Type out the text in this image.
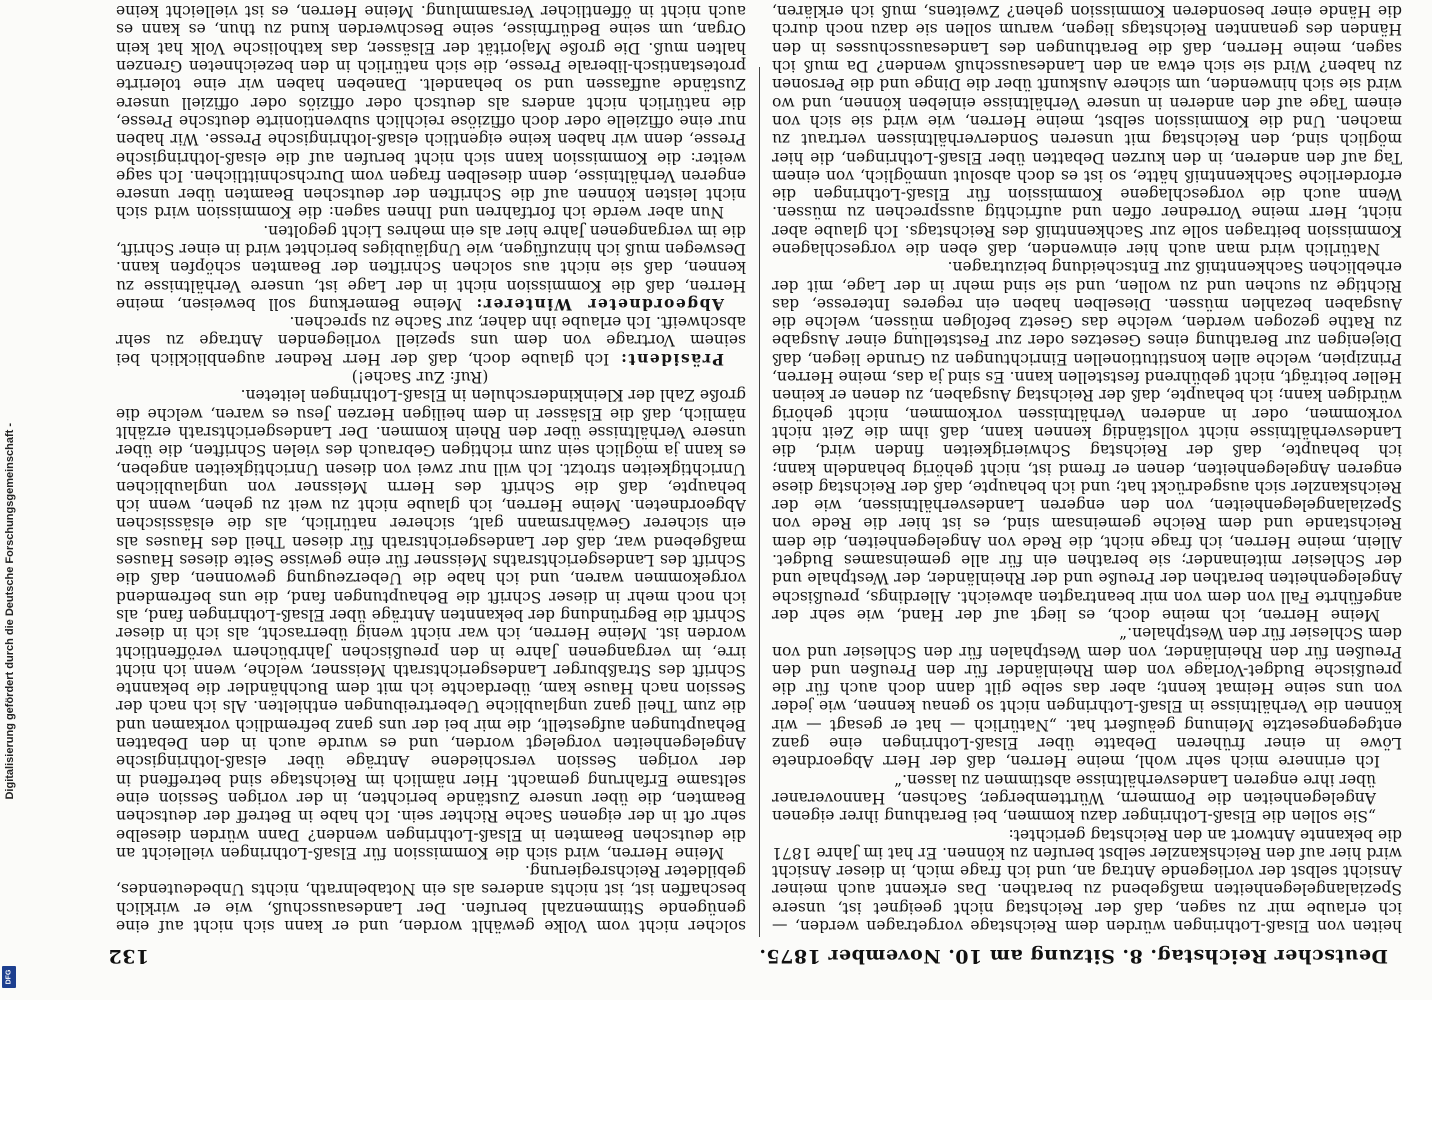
Digitalisierung gefördert durch die Deutsche Forschungsgemeinschaft -
DFG
Deutscher Reichstag. 8. Sitzung am 10. November 1875.
132

heiten von Elsaß-Lothringen würden dem Reichstage vorgetragen werden, — ich erlaube mir zu sagen, daß der Reichstag nicht geeignet ist, unsere Spezialangelegenheiten maßgebend zu berathen. Das erkennt auch meiner Ansicht selbst der vorliegende Antrag an, und ich frage mich, in dieser Ansicht wird hier auf den Reichskanzler selbst berufen zu können. Er hat im Jahre 1871 die bekannte Antwort an den Reichstag gerichtet:

„Sie sollen die Elsaß-Lothringer dazu kommen, bei Berathung ihrer eigenen Angelegenheiten die Pommern, Württemberger, Sachsen, Hannoveraner über ihre engeren Landesverhältnisse abstimmen zu lassen.“

Ich erinnere mich sehr wohl, meine Herren, daß der Herr Abgeordnete Löwe in einer früheren Debatte über Elsaß-Lothringen eine ganz entgegengesetzte Meinung geäußert hat. „Natürlich — hat er gesagt — wir können die Verhältnisse in Elsaß-Lothringen nicht so genau kennen, wie jeder von uns seine Heimat kennt; aber das selbe gilt dann doch auch für die preußische Budget-Vorlage von dem Rheinländer für den Preußen und den Preußen für den Rheinländer, von dem Westphalen für den Schlesier und von dem Schlesier für den Westphalen.“

Meine Herren, ich meine doch, es liegt auf der Hand, wie sehr der angeführte Fall von dem von mir beantragten abweicht. Allerdings, preußische Angelegenheiten berathen der Preuße und der Rheinländer, der Westphale und der Schlesier miteinander; sie berathen ein für alle gemeinsames Budget. Allein, meine Herren, ich frage nicht, die Rede von Angelegenheiten, die dem Reichstande und dem Reiche gemeinsam sind, es ist hier die Rede von Spezialangelegenheiten, von den engeren Landesverhältnissen, wie der Reichskanzler sich ausgedrückt hat; und ich behaupte, daß der Reichstag diese engeren Angelegenheiten, denen er fremd ist, nicht gehörig behandeln kann; ich behaupte, daß der Reichstag Schwierigkeiten finden wird, die Landesverhältnisse nicht vollständig kennen kann, daß ihm die Zeit nicht vorkommen, oder in anderen Verhältnissen vorkommen, nicht gehörig würdigen kann; ich behaupte, daß der Reichstag Ausgaben, zu denen er keinen Heller beiträgt, nicht gebührend feststellen kann. Es sind ja das, meine Herren, Prinzipien, welche allen konstitutionellen Einrichtungen zu Grunde liegen, daß Diejenigen zur Berathung eines Gesetzes oder zur Feststellung einer Ausgabe zu Rathe gezogen werden, welche das Gesetz befolgen müssen, welche die Ausgaben bezahlen müssen. Dieselben haben ein regeres Interesse, das Richtige zu suchen und zu wollen, und sie sind mehr in der Lage, mit der erheblichen Sachkenntniß zur Entscheidung beizutragen.

Natürlich wird man auch hier einwenden, daß eben die vorgeschlagene Kommission beitragen solle zur Sachkenntniß des Reichstags. Ich glaube aber nicht, Herr meine Vorredner offen und aufrichtig aussprechen zu müssen. Wenn auch die vorgeschlagene Kommission für Elsaß-Lothringen die erforderliche Sachkenntniß hätte, so ist es doch absolut unmöglich, von einem Tag auf den anderen, in den kurzen Debatten über Elsaß-Lothringen, die hier möglich sind, den Reichstag mit unseren Sonderverhältnissen vertraut zu machen. Und die Kommission selbst, meine Herren, wie wird sie sich von einem Tage auf den anderen in unsere Verhältnisse einleben können, und wo wird sie sich hinwenden, um sichere Auskunft über die Dinge und die Personen zu haben? Wird sie sich etwa an den Landesausschuß wenden? Da muß ich sagen, meine Herren, daß die Berathungen des Landesausschusses in den Händen des genannten Reichstags liegen, warum sollen sie dazu noch durch die Hände einer besonderen Kommission gehen? Zweitens, muß ich erklären,

solcher nicht vom Volke gewählt worden, und er kann sich nicht auf eine genügende Stimmenzahl berufen. Der Landesausschuß, wie er wirklich beschaffen ist, ist nichts anderes als ein Notabelnrath, nichts Unbedeutendes, gebildeter Reichsregierung.

Meine Herren, wird sich die Kommission für Elsaß-Lothringen vielleicht an die deutschen Beamten in Elsaß-Lothringen wenden? Dann würden dieselbe sehr oft in der eigenen Sache Richter sein. Ich habe in Betreff der deutschen Beamten, die über unsere Zustände berichten, in der vorigen Session eine seltsame Erfahrung gemacht. Hier nämlich im Reichstage sind betreffend in der vorigen Session verschiedene Anträge über elsaß-lothringische Angelegenheiten vorgelegt worden, und es wurde auch in den Debatten Behauptungen aufgestellt, die mir bei der uns ganz befremdlich vorkamen und die zum Theil ganz unglaubliche Uebertreibungen enthielten. Als ich nach der Session nach Hause kam, überdachte ich mit dem Buchhändler die bekannte Schrift des Straßburger Landesgerichtsrath Meissner, welche, wenn ich nicht irre, im vergangenen Jahre in den preußischen Jahrbüchern veröffentlicht worden ist. Meine Herren, ich war nicht wenig überrascht, als ich in dieser Schrift die Begründung der bekannten Anträge über Elsaß-Lothringen fand, als ich noch mehr in dieser Schrift die Behauptungen fand, die uns befremdend vorgekommen waren, und ich habe die Ueberzeugung gewonnen, daß die Schrift des Landesgerichtsraths Meissner für eine gewisse Seite dieses Hauses maßgebend war, daß der Landesgerichtsrath für diesen Theil des Hauses als ein sicherer Gewährsmann galt, sicherer natürlich, als die elsässischen Abgeordneten. Meine Herren, ich glaube nicht zu weit zu gehen, wenn ich behaupte, daß die Schrift des Herrn Meissner von unglaublichen Unrichtigkeiten strotzt. Ich will nur zwei von diesen Unrichtigkeiten angeben, es kann ja möglich sein zum richtigen Gebrauch des vielen Schriften, die über unsere Verhältnisse über den Rhein kommen. Der Landesgerichtsrath erzählt nämlich, daß die Elsässer in dem heiligen Herzen Jesu es waren, welche die große Zahl der Kleinkinderschulen in Elsaß-Lothringen leiteten.

(Ruf: Zur Sache!)

Präsident: Ich glaube doch, daß der Herr Redner augenblicklich bei seinem Vortrage von dem uns speziell vorliegenden Antrage zu sehr abschweift. Ich erlaube ihn daher, zur Sache zu sprechen.

Abgeordneter Winterer: Meine Bemerkung soll beweisen, meine Herren, daß die Kommission nicht in der Lage ist, unsere Verhältnisse zu kennen, daß sie nicht aus solchen Schriften der Beamten schöpfen kann. Deswegen muß ich hinzufügen, wie Ungläubiges berichtet wird in einer Schrift, die im vergangenen Jahre hier als ein mehres Licht gegolten.

Nun aber werde ich fortfahren und Ihnen sagen: die Kommission wird sich nicht leisten können auf die Schriften der deutschen Beamten über unsere engeren Verhältnisse, denn dieselben fragen vom Durchschnittlichen. Ich sage weiter: die Kommission kann sich nicht berufen auf die elsaß-lothringische Presse, denn wir haben keine eigentlich elsaß-lothringische Presse. Wir haben nur eine offizielle oder doch offiziöse reichlich subventionirte deutsche Presse, die natürlich nicht anders als deutsch oder offiziös oder offiziell unsere Zustände auffassen und so behandelt. Daneben haben wir eine tolerirte protestantisch-liberale Presse, die sich natürlich in den bezeichneten Grenzen halten muß. Die große Majorität der Elsässer, das katholische Volk hat kein Organ, um seine Bedürfnisse, seine Beschwerden kund zu thun, es kann es auch nicht in öffentlicher Versammlung. Meine Herren, es ist vielleicht keine
